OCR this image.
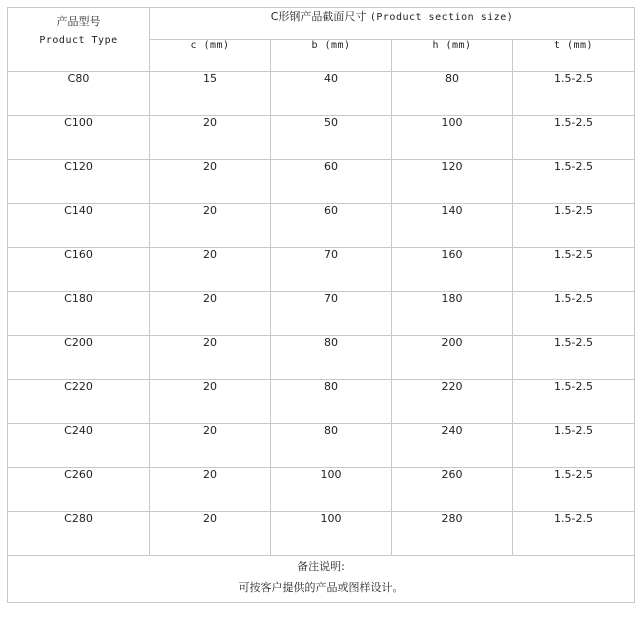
产品型号
Product Type	C形钢产品截面尺寸 (Product section size)			
	c (mm)	b (mm)	h (mm)	t (mm)
C80	15	40	80	1.5-2.5
C100	20	50	100	1.5-2.5
C120	20	60	120	1.5-2.5
C140	20	60	140	1.5-2.5
C160	20	70	160	1.5-2.5
C180	20	70	180	1.5-2.5
C200	20	80	200	1.5-2.5
C220	20	80	220	1.5-2.5
C240	20	80	240	1.5-2.5
C260	20	100	260	1.5-2.5
C280	20	100	280	1.5-2.5

备注说明:
可按客户提供的产品或图样设计。				
